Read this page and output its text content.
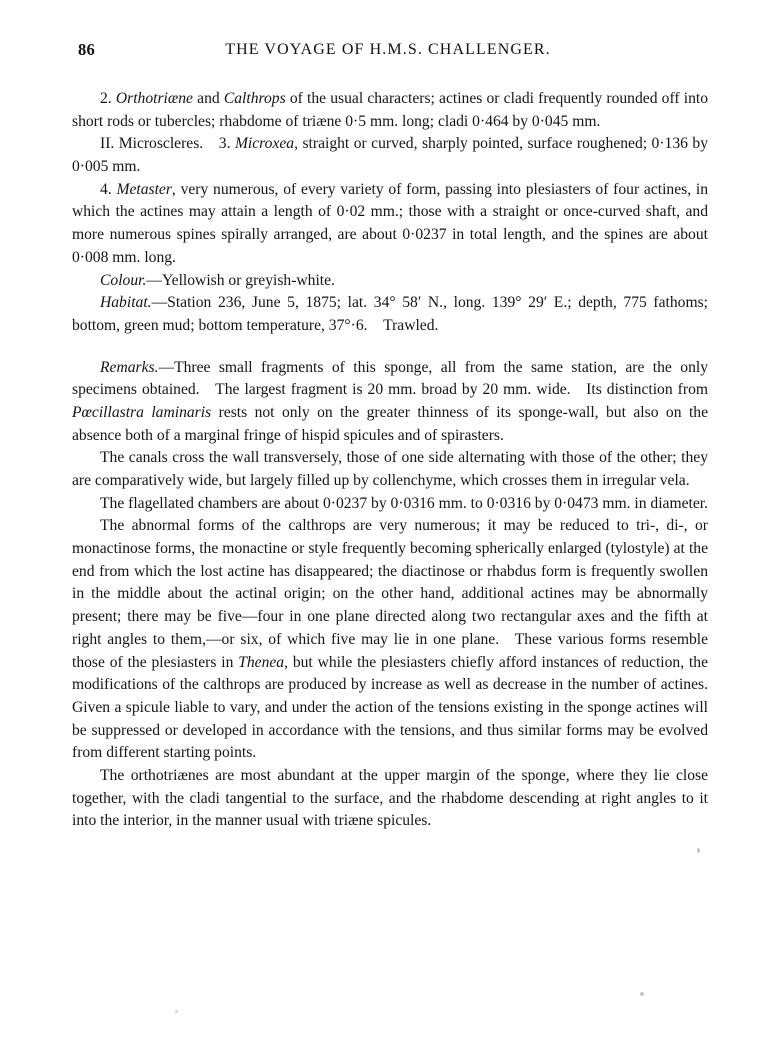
86	THE VOYAGE OF H.M.S. CHALLENGER.

2. Orthotriæne and Calthrops of the usual characters; actines or cladi frequently rounded off into short rods or tubercles; rhabdome of triæne 0·5 mm. long; cladi 0·464 by 0·045 mm.

II. Microscleres. 3. Microxea, straight or curved, sharply pointed, surface roughened; 0·136 by 0·005 mm.

4. Metaster, very numerous, of every variety of form, passing into plesiasters of four actines, in which the actines may attain a length of 0·02 mm.; those with a straight or once-curved shaft, and more numerous spines spirally arranged, are about 0·0237 in total length, and the spines are about 0·008 mm. long.

Colour.—Yellowish or greyish-white.

Habitat.—Station 236, June 5, 1875; lat. 34° 58′ N., long. 139° 29′ E.; depth, 775 fathoms; bottom, green mud; bottom temperature, 37°·6. Trawled.

Remarks.—Three small fragments of this sponge, all from the same station, are the only specimens obtained. The largest fragment is 20 mm. broad by 20 mm. wide. Its distinction from Pœcillastra laminaris rests not only on the greater thinness of its sponge-wall, but also on the absence both of a marginal fringe of hispid spicules and of spirasters.

The canals cross the wall transversely, those of one side alternating with those of the other; they are comparatively wide, but largely filled up by collenchyme, which crosses them in irregular vela.

The flagellated chambers are about 0·0237 by 0·0316 mm. to 0·0316 by 0·0473 mm. in diameter.

The abnormal forms of the calthrops are very numerous; it may be reduced to tri-, di-, or monactinose forms, the monactine or style frequently becoming spherically enlarged (tylostyle) at the end from which the lost actine has disappeared; the diactinose or rhabdus form is frequently swollen in the middle about the actinal origin; on the other hand, additional actines may be abnormally present; there may be five—four in one plane directed along two rectangular axes and the fifth at right angles to them,—or six, of which five may lie in one plane. These various forms resemble those of the plesiasters in Thenea, but while the plesiasters chiefly afford instances of reduction, the modifications of the calthrops are produced by increase as well as decrease in the number of actines. Given a spicule liable to vary, and under the action of the tensions existing in the sponge actines will be suppressed or developed in accordance with the tensions, and thus similar forms may be evolved from different starting points.

The orthotriænes are most abundant at the upper margin of the sponge, where they lie close together, with the cladi tangential to the surface, and the rhabdome descending at right angles to it into the interior, in the manner usual with triæne spicules.
